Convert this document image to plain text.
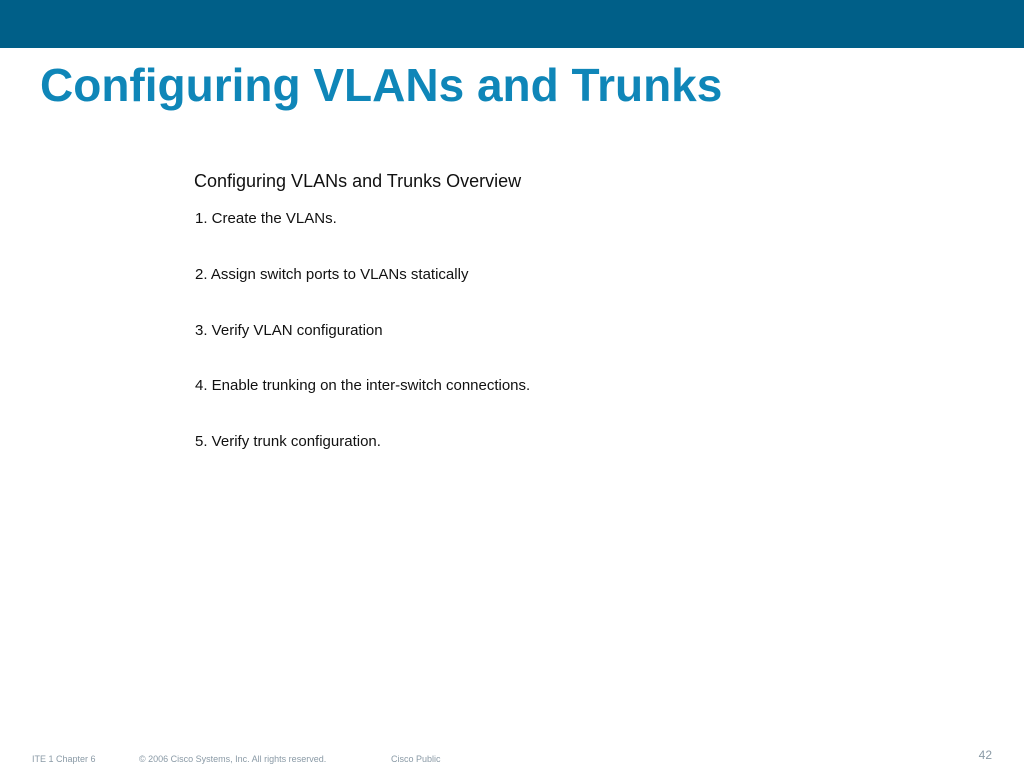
Configuring VLANs and Trunks
Configuring VLANs and Trunks Overview
1. Create the VLANs.
2. Assign switch ports to VLANs statically
3. Verify VLAN configuration
4. Enable trunking on the inter-switch connections.
5. Verify trunk configuration.
ITE 1 Chapter 6	© 2006 Cisco Systems, Inc. All rights reserved.	Cisco Public	42
